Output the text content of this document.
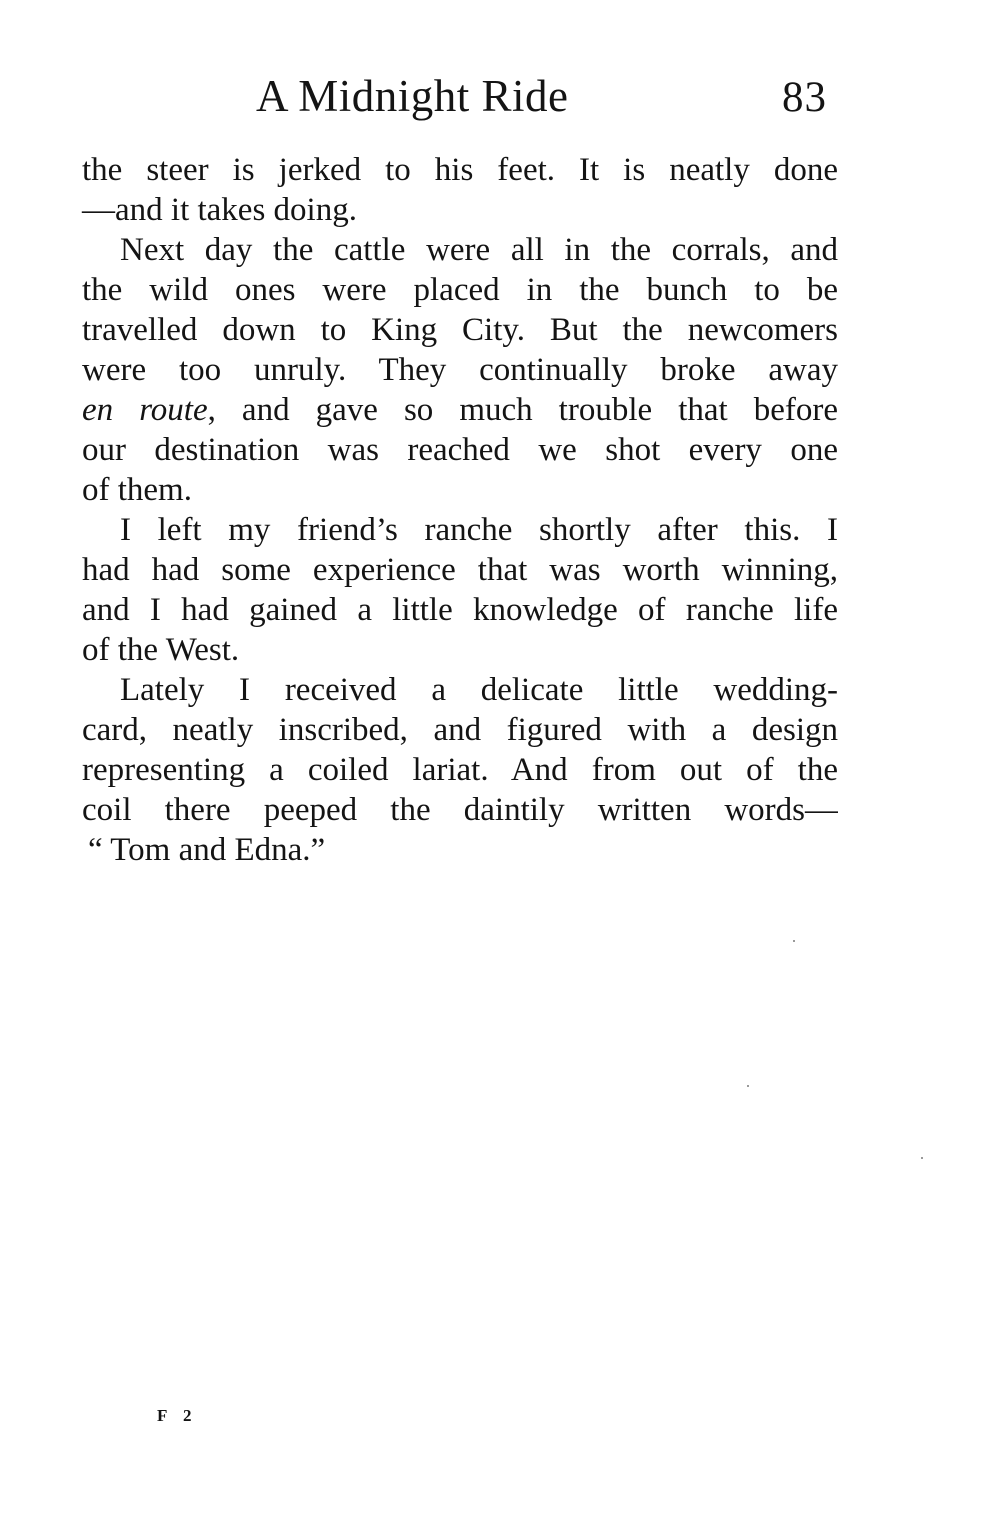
A Midnight Ride	83
the steer is jerked to his feet. It is neatly done
—and it takes doing.
Next day the cattle were all in the corrals, and
the wild ones were placed in the bunch to be
travelled down to King City. But the newcomers
were too unruly. They continually broke away
en route, and gave so much trouble that before
our destination was reached we shot every one
of them.
I left my friend’s ranche shortly after this. I
had had some experience that was worth winning,
and I had gained a little knowledge of ranche life
of the West.
Lately I received a delicate little wedding-
card, neatly inscribed, and figured with a design
representing a coiled lariat. And from out of the
coil there peeped the daintily written words—
“ Tom and Edna.”
F 2
